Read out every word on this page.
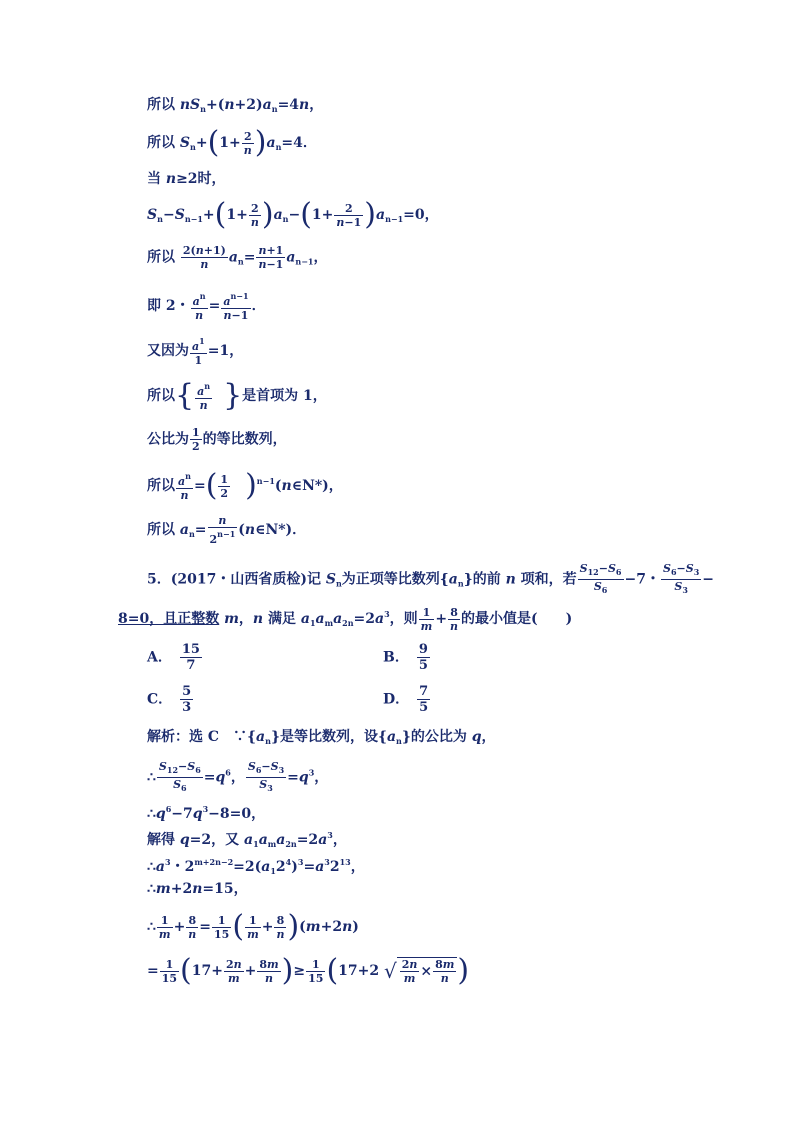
所以 $nS_n+(n+2)a_n=4n$，
所以 $S_n+(1+ \frac{2}{n} )a_n=4$．
当 n≥2时，
$S_n-S_{n-1}+(1+ \frac{2}{n} )a_n-(1+ \frac{2}{n-1} )a_{n-1}=0$，
所以 $\frac{2(n+1)}{n} a_n= \frac{n+1}{n-1} a_{n-1}$，
即 2・ $\frac{a^n}{n} = \frac{a^{n-1}}{n-1}$ ．
又因为 $\frac{a^1}{1} =1$，
所以{ $\frac{a^n}{n}$ }是首项为 1，
公比为 $\frac{1}{2}$ 的等比数列，
所以 $\frac{a^n}{n}$ =( $\frac{1}{2}$ )$^{n-1}$(n∈N*)，
所以 $a_n= \frac{n}{2^{n-1}}$ (n∈N*)．
5．(2017・山西省质检)记 $S_n$为正项等比数列$\{a_n\}$的前 n 项和，若 $\frac{S_{12}-S_6}{S_6} -7$・ $\frac{S_6-S_3}{S_3}$ −
8=0，且正整数 m，n 满足 $a_1a_ma_{2n}=2a^3$，则 $\frac{1}{m} + \frac{8}{n}$ 的最小值是(　　)
A． $\frac{15}{7}$	B． $\frac{9}{5}$
C． $\frac{5}{3}$	D． $\frac{7}{5}$
解析：选 C　$\because\{a_n\}$是等比数列，设$\{a_n\}$的公比为 q，
∴ $\frac{S_{12}-S_6}{S_6} =q^6$， $\frac{S_6-S_3}{S_3} =q^3$，
$\therefore q^6-7q^3-8=0$，
解得 q=2，又 $a_1a_ma_{2n}=2a^3$，
$\therefore a^3$・$2^{m+2n-2}=2(a_12^4)^3=a^32^{13}$，
∴m+2n=15，
∴ $\frac{1}{m} + \frac{8}{n} = \frac{1}{15}$ ( $\frac{1}{m} + \frac{8}{n} )(m+2n)$
= $\frac{1}{15} (17+ \frac{2n}{m} + \frac{8m}{n}$ )≥ $\frac{1}{15} (17+2$ √ $\frac{2n}{m} \times \frac{8m}{n}$ )
